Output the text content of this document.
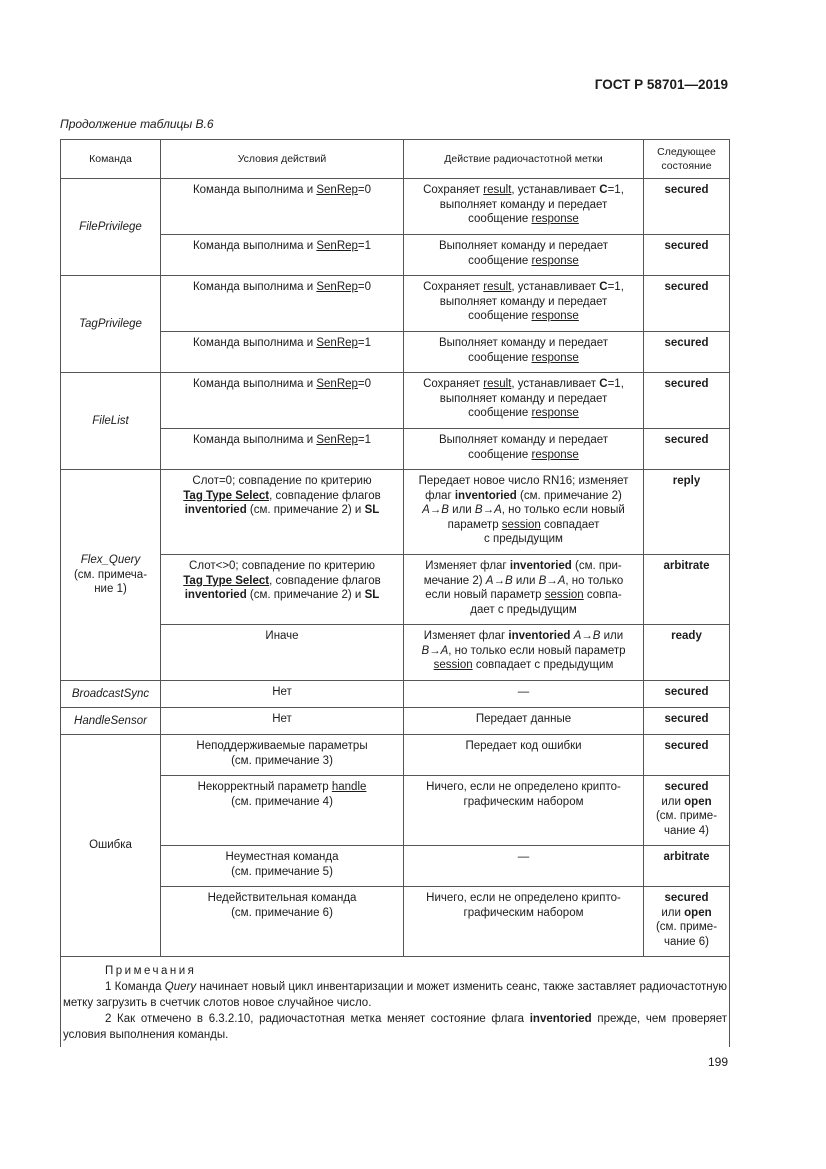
ГОСТ Р 58701—2019
Продолжение таблицы В.6
Команда	Условия действий	Действие радиочастотной метки	Следующее
состояние
FilePrivilege	Команда выполнима и SenRep=0	Сохраняет result, устанавливает C=1,
выполняет команду и передает
сообщение response	secured
	Команда выполнима и SenRep=1	Выполняет команду и передает
сообщение response	secured
TagPrivilege	Команда выполнима и SenRep=0	Сохраняет result, устанавливает C=1,
выполняет команду и передает
сообщение response	secured
	Команда выполнима и SenRep=1	Выполняет команду и передает
сообщение response	secured
FileList	Команда выполнима и SenRep=0	Сохраняет result, устанавливает C=1,
выполняет команду и передает
сообщение response	secured
	Команда выполнима и SenRep=1	Выполняет команду и передает
сообщение response	secured
Flex_Query
(см. примеча-
ние 1)	Слот=0; совпадение по критерию
Tag Type Select, совпадение флагов
inventoried (см. примечание 2) и SL	Передает новое число RN16; изменяет
флаг inventoried (см. примечание 2)
A→B или B→A, но только если новый
параметр session совпадает
с предыдущим	reply
	Слот<>0; совпадение по критерию
Tag Type Select, совпадение флагов
inventoried (см. примечание 2) и SL	Изменяет флаг inventoried (см. при-
мечание 2) A→B или B→A, но только
если новый параметр session совпа-
дает с предыдущим	arbitrate
	Иначе	Изменяет флаг inventoried A→B или
B→A, но только если новый параметр
session совпадает с предыдущим	ready
BroadcastSync	Нет	—	secured
HandleSensor	Нет	Передает данные	secured
Ошибка	Неподдерживаемые параметры
(см. примечание 3)	Передает код ошибки	secured
	Некорректный параметр handle
(см. примечание 4)	Ничего, если не определено крипто-
графическим набором	secured
или open
(см. приме-
чание 4)
	Неуместная команда
(см. примечание 5)	—	arbitrate
	Недействительная команда
(см. примечание 6)	Ничего, если не определено крипто-
графическим набором	secured
или open
(см. приме-
чание 6)

Примечания
1 Команда Query начинает новый цикл инвентаризации и может изменить сеанс, также заставляет радиочастотную метку загрузить в счетчик слотов новое случайное число.
2 Как отмечено в 6.3.2.10, радиочастотная метка меняет состояние флага inventoried прежде, чем проверяет условия выполнения команды.			
199
